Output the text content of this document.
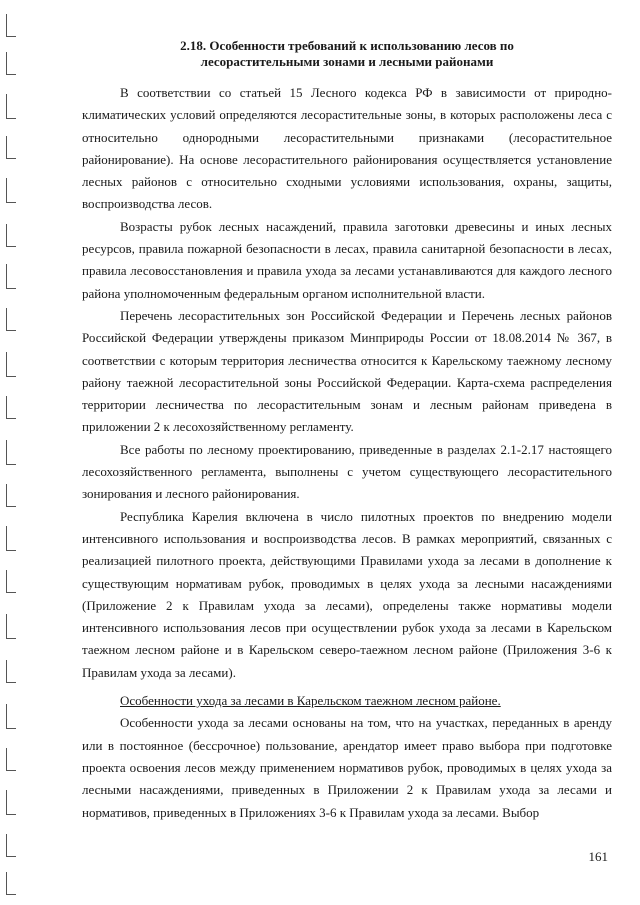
2.18. Особенности требований к использованию лесов по
лесорастительными зонами и лесными районами

В соответствии со статьей 15 Лесного кодекса РФ в зависимости от природно-климатических условий определяются лесорастительные зоны, в которых расположены леса с относительно однородными лесорастительными признаками (лесорастительное районирование). На основе лесорастительного районирования осуществляется установление лесных районов с относительно сходными условиями использования, охраны, защиты, воспроизводства лесов.

Возрасты рубок лесных насаждений, правила заготовки древесины и иных лесных ресурсов, правила пожарной безопасности в лесах, правила санитарной безопасности в лесах, правила лесовосстановления и правила ухода за лесами устанавливаются для каждого лесного района уполномоченным федеральным органом исполнительной власти.

Перечень лесорастительных зон Российской Федерации и Перечень лесных районов Российской Федерации утверждены приказом Минприроды России от 18.08.2014 № 367, в соответствии с которым территория лесничества относится к Карельскому таежному лесному району таежной лесорастительной зоны Российской Федерации. Карта-схема распределения территории лесничества по лесорастительным зонам и лесным районам приведена в приложении 2 к лесохозяйственному регламенту.

Все работы по лесному проектированию, приведенные в разделах 2.1-2.17 настоящего лесохозяйственного регламента, выполнены с учетом существующего лесорастительного зонирования и лесного районирования.

Республика Карелия включена в число пилотных проектов по внедрению модели интенсивного использования и воспроизводства лесов. В рамках мероприятий, связанных с реализацией пилотного проекта, действующими Правилами ухода за лесами в дополнение к существующим нормативам рубок, проводимых в целях ухода за лесными насаждениями (Приложение 2 к Правилам ухода за лесами), определены также нормативы модели интенсивного использования лесов при осуществлении рубок ухода за лесами в Карельском таежном лесном районе и в Карельском северо-таежном лесном районе (Приложения 3-6 к Правилам ухода за лесами).

Особенности ухода за лесами в Карельском таежном лесном районе.

Особенности ухода за лесами основаны на том, что на участках, переданных в аренду или в постоянное (бессрочное) пользование, арендатор имеет право выбора при подготовке проекта освоения лесов между применением нормативов рубок, проводимых в целях ухода за лесными насаждениями, приведенных в Приложении 2 к Правилам ухода за лесами и нормативов, приведенных в Приложениях 3-6 к Правилам ухода за лесами. Выбор

161
